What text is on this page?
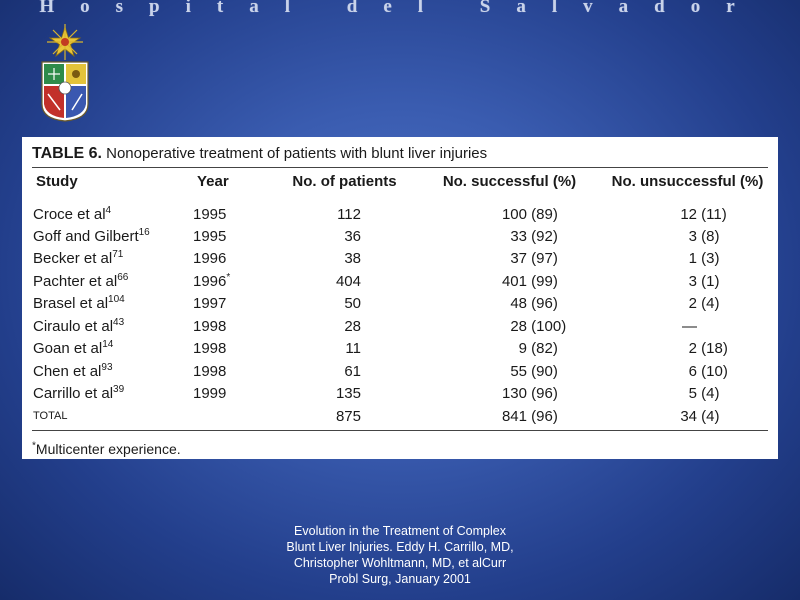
Hospital del Salvador
TABLE 6. Nonoperative treatment of patients with blunt liver injuries
Study	Year	No. of patients	No. successful (%)	No. unsuccessful (%)
Croce et $al^4$	1995	112	100 (89)	12 (11)
Goff and Gilbert$^{16}$	1995	36	33 (92)	3 (8)
Becker et $al^{71}$	1996	38	37 (97)	1 (3)
Pachter et $al^{66}$	1996*	404	401 (99)	3 (1)
Brasel et $al^{104}$	1997	50	48 (96)	2 (4)
Ciraulo et $al^{43}$	1998	28	28 (100)	—
Goan et $al^{14}$	1998	11	9 (82)	2 (18)
Chen et $al^{93}$	1998	61	55 (90)	6 (10)
Carrillo et $al^{39}$	1999	135	130 (96)	5 (4)
TOTAL		875	841 (96)	34 (4)
*Multicenter experience.
Evolution in the Treatment of Complex Blunt Liver Injuries. Eddy H. Carrillo, MD, Christopher Wohltmann, MD, et alCurr Probl Surg, January 2001
